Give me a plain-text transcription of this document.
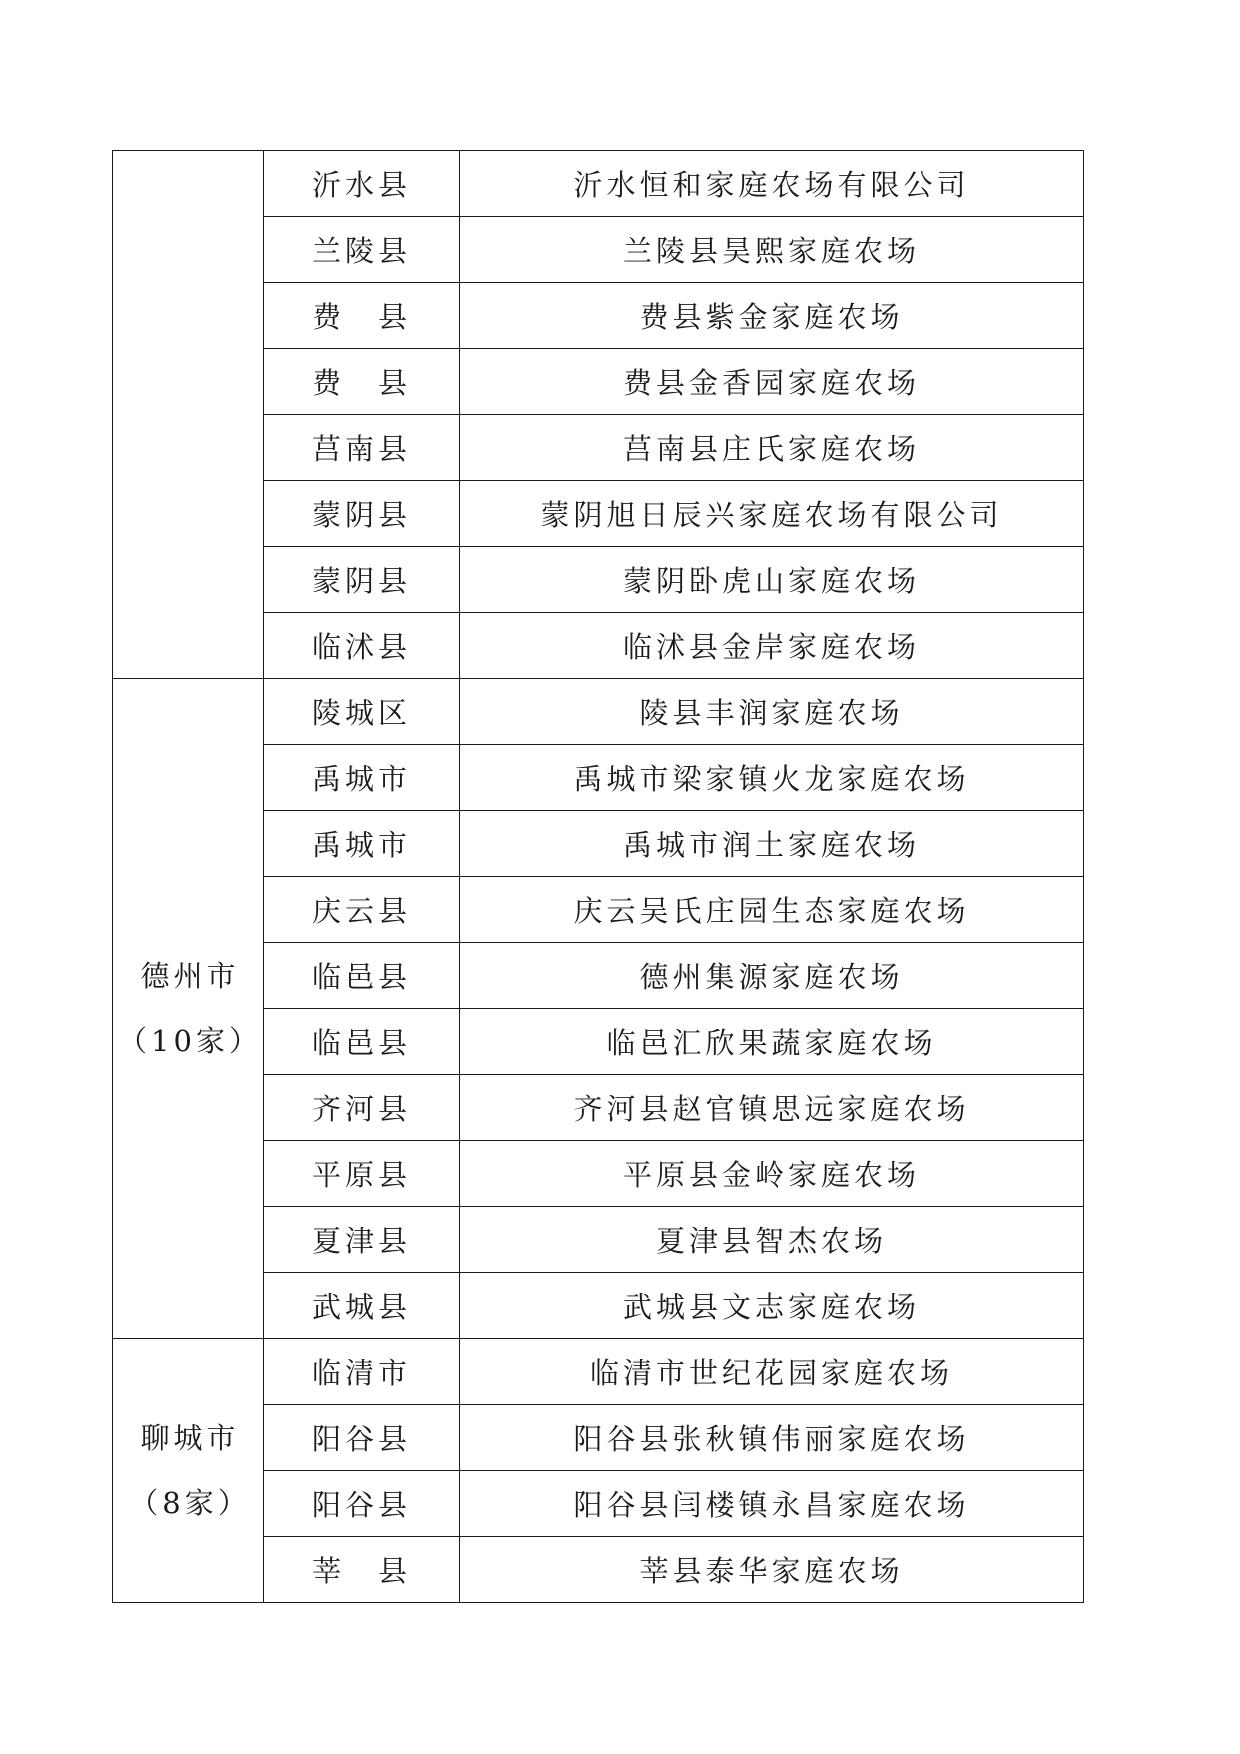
	沂水县	沂水恒和家庭农场有限公司
	兰陵县	兰陵县昊熙家庭农场
	费　县	费县紫金家庭农场
	费　县	费县金香园家庭农场
	莒南县	莒南县庄氏家庭农场
	蒙阴县	蒙阴旭日辰兴家庭农场有限公司
	蒙阴县	蒙阴卧虎山家庭农场
	临沭县	临沭县金岸家庭农场

德州市
（10家）	陵城区	陵县丰润家庭农场
	禹城市	禹城市梁家镇火龙家庭农场
	禹城市	禹城市润土家庭农场
	庆云县	庆云吴氏庄园生态家庭农场
	临邑县	德州集源家庭农场
	临邑县	临邑汇欣果蔬家庭农场
	齐河县	齐河县赵官镇思远家庭农场
	平原县	平原县金岭家庭农场
	夏津县	夏津县智杰农场
	武城县	武城县文志家庭农场

聊城市
（8家）	临清市	临清市世纪花园家庭农场
	阳谷县	阳谷县张秋镇伟丽家庭农场
	阳谷县	阳谷县闫楼镇永昌家庭农场
	莘　县	莘县泰华家庭农场
